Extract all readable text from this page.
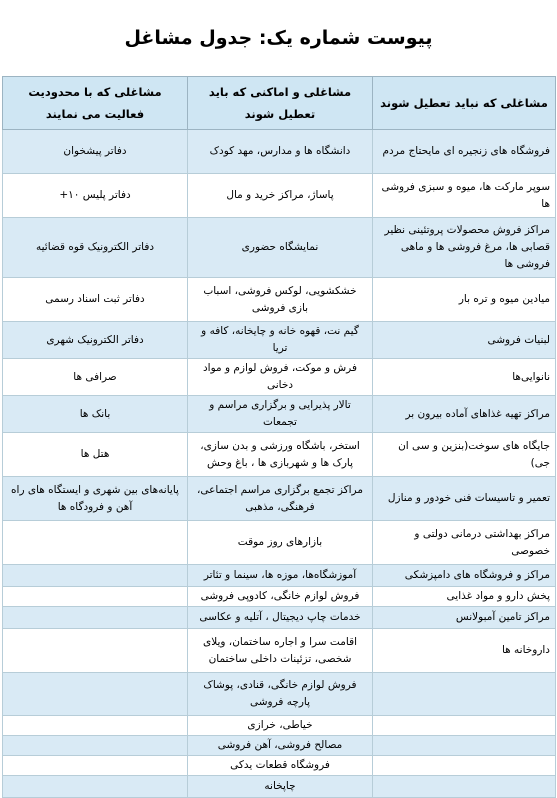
پیوست شماره یک: جدول مشاغل
مشاغلی که نباید تعطیل شوند	مشاغلی و اماکنی که باید تعطیل شوند	مشاغلی که با محدودیت فعالیت می نمایند
فروشگاه های زنجیره ای مایحتاج مردم	دانشگاه ها و مدارس، مهد کودک	دفاتر پیشخوان
سوپر مارکت ها، میوه و سبزی فروشی ها	پاساژ، مراکز خرید و مال	دفاتر پلیس ۱۰+
مراکز فروش محصولات پروتئینی نظیر قصابی ها، مرغ فروشی ها و ماهی فروشی ها	نمایشگاه حضوری	دفاتر الکترونیک قوه قضائیه
میادین میوه و تره بار	خشکشویی، لوکس فروشی، اسباب بازی فروشی	دفاتر ثبت اسناد رسمی
لبنیات فروشی	گیم نت، قهوه خانه و چایخانه، کافه و تریا	دفاتر الکترونیک شهری
نانوایی‌ها	فرش و موکت، فروش لوازم و مواد دخانی	صرافی ها
مراکز تهیه غذاهای آماده بیرون بر	تالار پذیرایی و برگزاری مراسم و تجمعات	بانک ها
جایگاه های سوخت(بنزین و سی ان جی)	استخر، باشگاه ورزشی و بدن سازی، پارک ها و شهربازی ها ، باغ وحش	هتل ها
تعمیر و تاسیسات فنی خودور و منازل	مراکز تجمع برگزاری مراسم اجتماعی، فرهنگی، مذهبی	پایانه‌های بین شهری و ایستگاه های راه آهن و فرودگاه ها
مراکز بهداشتی درمانی دولتی و خصوصی	بازارهای روز موقت	
مراکز و فروشگاه های دامپزشکی	آموزشگاه‌ها، موزه ها، سینما و تئاتر	
پخش دارو و مواد غذایی	فروش لوازم خانگی، کادوپی فروشی	
مراکز تامین آمبولانس	خدمات چاپ دیجیتال ، آتلیه و عکاسی	
داروخانه ها	اقامت سرا و اجاره ساختمان، ویلای شخصی، تزئینات داخلی ساختمان	
	فروش لوازم خانگی، قنادی، پوشاک پارچه فروشی	
	خیاطی، خرازی	
	مصالح فروشی، آهن فروشی	
	فروشگاه قطعات یدکی	
	چاپخانه	
